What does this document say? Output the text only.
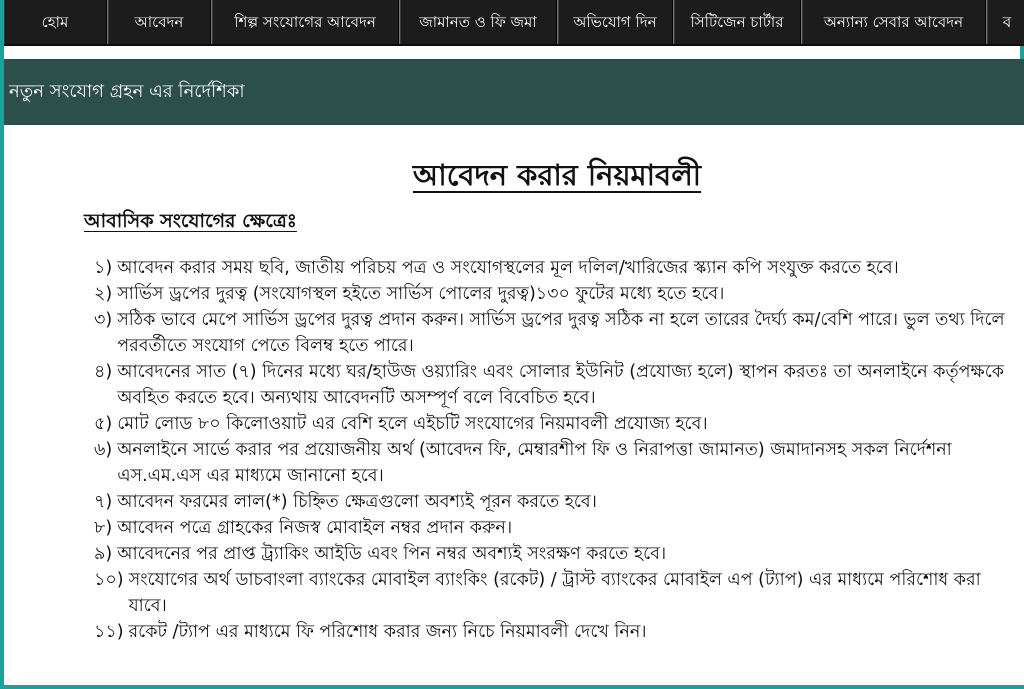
হোম	আবেদন	শিল্প সংযোগের আবেদন	জামানত ও ফি জমা	অভিযোগ দিন	সিটিজেন চার্টার	অন্যান্য সেবার আবেদন	ব
নতুন সংযোগ গ্রহন এর নির্দেশিকা
আবেদন করার নিয়মাবলী
আবাসিক সংযোগের ক্ষেত্রেঃ
১) আবেদন করার সময় ছবি, জাতীয় পরিচয় পত্র ও সংযোগস্থলের মূল দলিল/খারিজের স্ক্যান কপি সংযুক্ত করতে হবে।
২) সার্ভিস ড্রপের দুরত্ব (সংযোগস্থল হইতে সার্ভিস পোলের দুরত্ব)১৩০ ফুটের মধ্যে হতে হবে।
৩) সঠিক ভাবে মেপে সার্ভিস ড্রপের দুরত্ব প্রদান করুন। সার্ভিস ড্রপের দুরত্ব সঠিক না হলে তারের দৈর্ঘ্য কম/বেশি পারে। ভুল তথ্য দিলে পরবর্তীতে সংযোগ পেতে বিলম্ব হতে পারে।
৪) আবেদনের সাত (৭) দিনের মধ্যে ঘর/হাউজ ওয়্যারিং এবং সোলার ইউনিট (প্রযোজ্য হলে) স্থাপন করতঃ তা অনলাইনে কর্তৃপক্ষকে অবহিত করতে হবে। অন্যথায় আবেদনটি অসম্পূর্ণ বলে বিবেচিত হবে।
৫) মোট লোড ৮০ কিলোওয়াট এর বেশি হলে এইচটি সংযোগের নিয়মাবলী প্রযোজ্য হবে।
৬) অনলাইনে সার্ভে করার পর প্রয়োজনীয় অর্থ (আবেদন ফি, মেম্বারশীপ ফি ও নিরাপত্তা জামানত) জমাদানসহ সকল নির্দেশনা এস.এম.এস এর মাধ্যমে জানানো হবে।
৭) আবেদন ফরমের লাল(*) চিহ্নিত ক্ষেত্রগুলো অবশ্যই পূরন করতে হবে।
৮) আবেদন পত্রে গ্রাহকের নিজস্ব মোবাইল নম্বর প্রদান করুন।
৯) আবেদনের পর প্রাপ্ত ট্র্যাকিং আইডি এবং পিন নম্বর অবশ্যই সংরক্ষণ করতে হবে।
১০) সংযোগের অর্থ ডাচবাংলা ব্যাংকের মোবাইল ব্যাংকিং (রকেট) / ট্রাস্ট ব্যাংকের মোবাইল এপ (ট্যাপ) এর মাধ্যমে পরিশোধ করা যাবে।
১১) রকেট /ট্যাপ এর মাধ্যমে ফি পরিশোধ করার জন্য নিচে নিয়মাবলী দেখে নিন।
